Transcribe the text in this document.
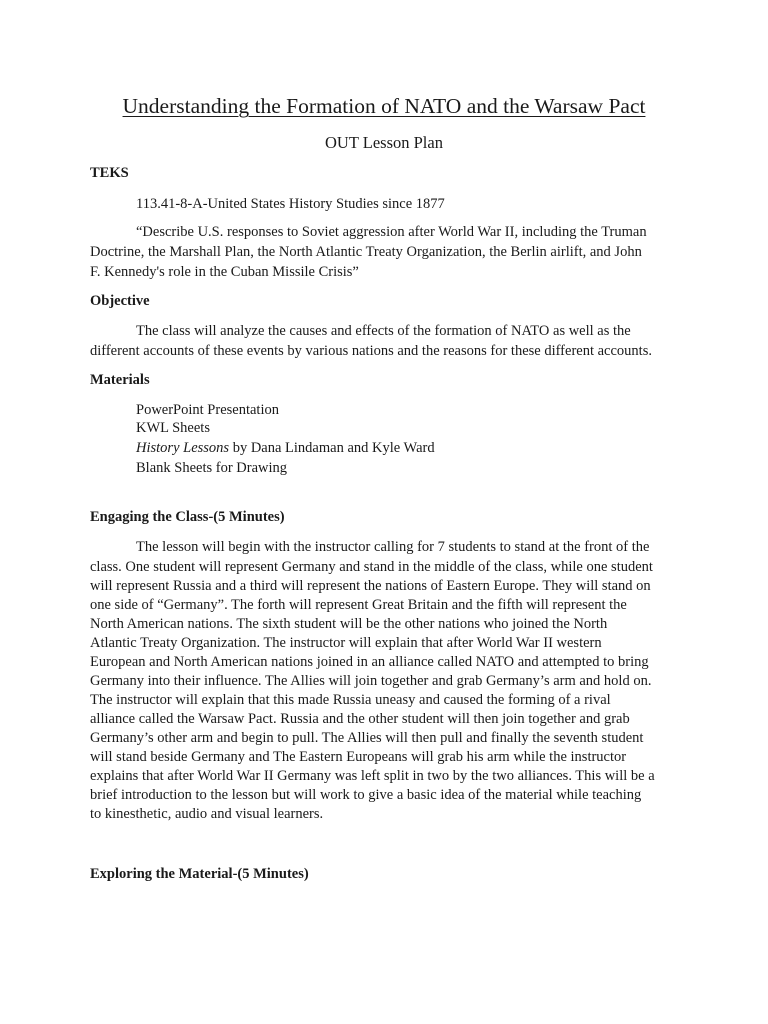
Understanding the Formation of NATO and the Warsaw Pact
OUT Lesson Plan
TEKS
113.41-8-A-United States History Studies since 1877
“Describe U.S. responses to Soviet aggression after World War II, including the Truman
Doctrine, the Marshall Plan, the North Atlantic Treaty Organization, the Berlin airlift, and John
F. Kennedy's role in the Cuban Missile Crisis”
Objective
The class will analyze the causes and effects of the formation of NATO as well as the
different accounts of these events by various nations and the reasons for these different accounts.
Materials
PowerPoint Presentation
KWL Sheets
History Lessons by Dana Lindaman and Kyle Ward
Blank Sheets for Drawing
Engaging the Class-(5 Minutes)
The lesson will begin with the instructor calling for 7 students to stand at the front of the
class. One student will represent Germany and stand in the middle of the class, while one student
will represent Russia and a third will represent the nations of Eastern Europe. They will stand on
one side of “Germany”. The forth will represent Great Britain and the fifth will represent the
North American nations. The sixth student will be the other nations who joined the North
Atlantic Treaty Organization. The instructor will explain that after World War II western
European and North American nations joined in an alliance called NATO and attempted to bring
Germany into their influence. The Allies will join together and grab Germany’s arm and hold on.
The instructor will explain that this made Russia uneasy and caused the forming of a rival
alliance called the Warsaw Pact. Russia and the other student will then join together and grab
Germany’s other arm and begin to pull. The Allies will then pull and finally the seventh student
will stand beside Germany and The Eastern Europeans will grab his arm while the instructor
explains that after World War II Germany was left split in two by the two alliances. This will be a
brief introduction to the lesson but will work to give a basic idea of the material while teaching
to kinesthetic, audio and visual learners.
Exploring the Material-(5 Minutes)
